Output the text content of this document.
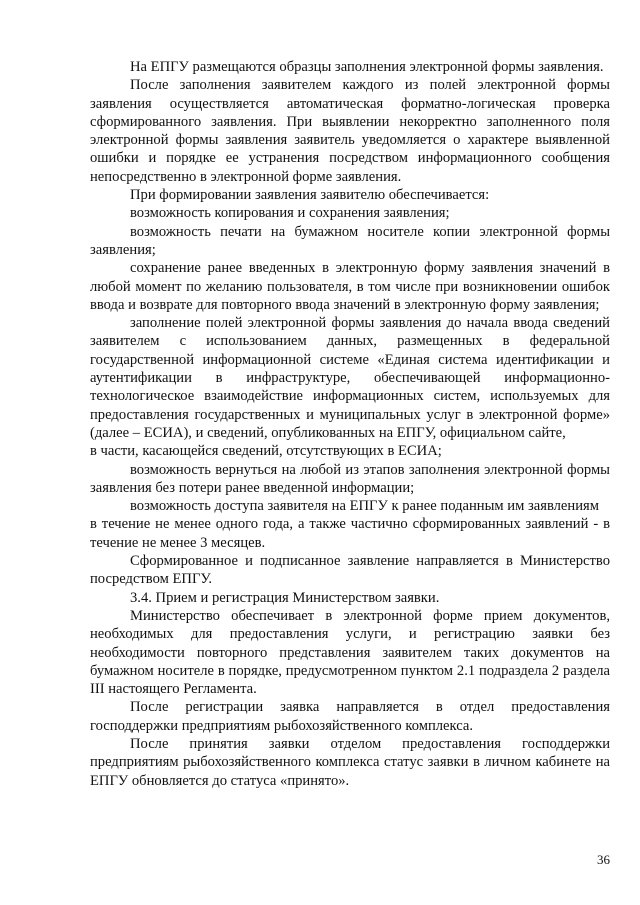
На ЕПГУ размещаются образцы заполнения электронной формы заявления.

После заполнения заявителем каждого из полей электронной формы заявления осуществляется автоматическая форматно-логическая проверка сформированного заявления. При выявлении некорректно заполненного поля электронной формы заявления заявитель уведомляется о характере выявленной ошибки и порядке ее устранения посредством информационного сообщения непосредственно в электронной форме заявления.

При формировании заявления заявителю обеспечивается:

возможность копирования и сохранения заявления;

возможность печати на бумажном носителе копии электронной формы заявления;

сохранение ранее введенных в электронную форму заявления значений в любой момент по желанию пользователя, в том числе при возникновении ошибок ввода и возврате для повторного ввода значений в электронную форму заявления;

заполнение полей электронной формы заявления до начала ввода сведений заявителем с использованием данных, размещенных в федеральной государственной информационной системе «Единая система идентификации и аутентификации в инфраструктуре, обеспечивающей информационно-технологическое взаимодействие информационных систем, используемых для предоставления государственных и муниципальных услуг в электронной форме» (далее – ЕСИА), и сведений, опубликованных на ЕПГУ, официальном сайте,

в части, касающейся сведений, отсутствующих в ЕСИА;

возможность вернуться на любой из этапов заполнения электронной формы заявления без потери ранее введенной информации;

возможность доступа заявителя на ЕПГУ к ранее поданным им заявлениям

в течение не менее одного года, а также частично сформированных заявлений - в течение не менее 3 месяцев.

Сформированное и подписанное заявление направляется в Министерство посредством ЕПГУ.

3.4. Прием и регистрация Министерством заявки.

Министерство обеспечивает в электронной форме прием документов, необходимых для предоставления услуги, и регистрацию заявки без необходимости повторного представления заявителем таких документов на бумажном носителе в порядке, предусмотренном пунктом 2.1 подраздела 2 раздела III настоящего Регламента.

После регистрации заявка направляется в отдел предоставления господдержки предприятиям рыбохозяйственного комплекса.

После принятия заявки отделом предоставления господдержки предприятиям рыбохозяйственного комплекса статус заявки в личном кабинете на ЕПГУ обновляется до статуса «принято».

36
